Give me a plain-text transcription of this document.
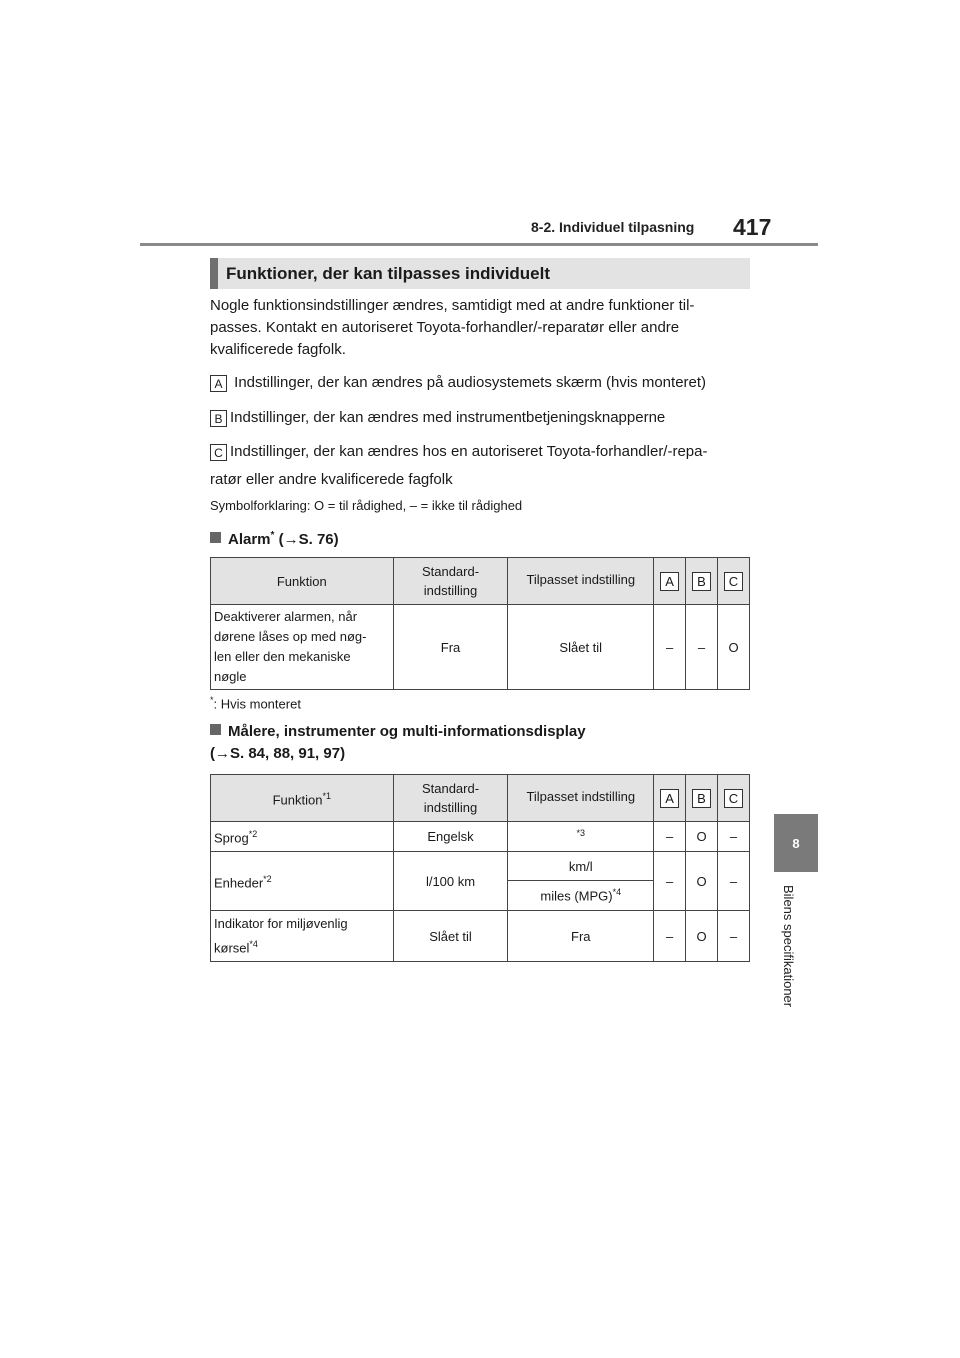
8-2. Individuel tilpasning 417
8
Bilens specifikationer
Funktioner, der kan tilpasses individuelt
Nogle funktionsindstillinger ændres, samtidigt med at andre funktioner til-
passes. Kontakt en autoriseret Toyota-forhandler/-reparatør eller andre
kvalificerede fagfolk.
A Indstillinger, der kan ændres på audiosystemets skærm (hvis monteret)
B Indstillinger, der kan ændres med instrumentbetjeningsknapperne
C Indstillinger, der kan ændres hos en autoriseret Toyota-forhandler/-repa-
ratør eller andre kvalificerede fagfolk
Symbolforklaring: O = til rådighed, – = ikke til rådighed
Alarm* (→S. 76)
Funktion	Standard-
indstilling	Tilpasset indstilling	A	B	C

Deaktiverer alarmen, når
dørene låses op med nøg-
len eller den mekaniske
nøgle	Fra	Slået til	–	–	O
*: Hvis monteret
Målere, instrumenter og multi-informationsdisplay
(→S. 84, 88, 91, 97)
Funktion$^{*1}$	Standard-
indstilling	Tilpasset indstilling	A	B	C
Sprog$^{*2}$	Engelsk	$^{*3}$	–	O	–
Enheder$^{*2}$	l/100 km	km/l	–	O	–
		miles (MPG)$^{*4}$

Indikator for miljøvenlig
kørsel$^{*4}$	Slået til	Fra	–	O	–
